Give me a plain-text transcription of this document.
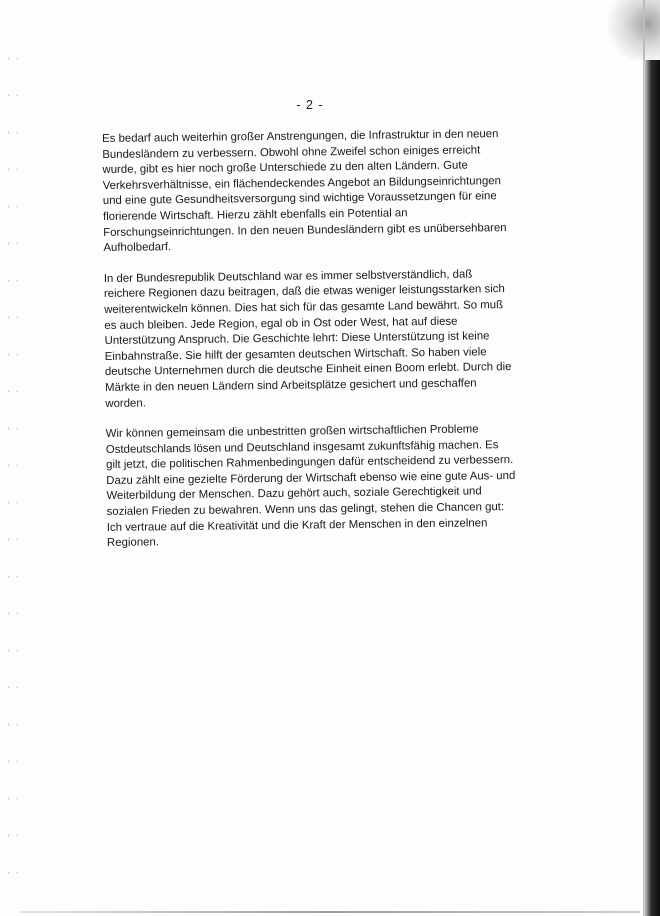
- 2 -

Es bedarf auch weiterhin großer Anstrengungen, die Infrastruktur in den neuen
Bundesländern zu verbessern. Obwohl ohne Zweifel schon einiges erreicht
wurde, gibt es hier noch große Unterschiede zu den alten Ländern. Gute
Verkehrsverhältnisse, ein flächendeckendes Angebot an Bildungseinrichtungen
und eine gute Gesundheitsversorgung sind wichtige Voraussetzungen für eine
florierende Wirtschaft. Hierzu zählt ebenfalls ein Potential an
Forschungseinrichtungen. In den neuen Bundesländern gibt es unübersehbaren
Aufholbedarf.

In der Bundesrepublik Deutschland war es immer selbstverständlich, daß
reichere Regionen dazu beitragen, daß die etwas weniger leistungsstarken sich
weiterentwickeln können. Dies hat sich für das gesamte Land bewährt. So muß
es auch bleiben. Jede Region, egal ob in Ost oder West, hat auf diese
Unterstützung Anspruch. Die Geschichte lehrt: Diese Unterstützung ist keine
Einbahnstraße. Sie hilft der gesamten deutschen Wirtschaft. So haben viele
deutsche Unternehmen durch die deutsche Einheit einen Boom erlebt. Durch die
Märkte in den neuen Ländern sind Arbeitsplätze gesichert und geschaffen
worden.

Wir können gemeinsam die unbestritten großen wirtschaftlichen Probleme
Ostdeutschlands lösen und Deutschland insgesamt zukunftsfähig machen. Es
gilt jetzt, die politischen Rahmenbedingungen dafür entscheidend zu verbessern.
Dazu zählt eine gezielte Förderung der Wirtschaft ebenso wie eine gute Aus- und
Weiterbildung der Menschen. Dazu gehört auch, soziale Gerechtigkeit und
sozialen Frieden zu bewahren. Wenn uns das gelingt, stehen die Chancen gut:
Ich vertraue auf die Kreativität und die Kraft der Menschen in den einzelnen
Regionen.
